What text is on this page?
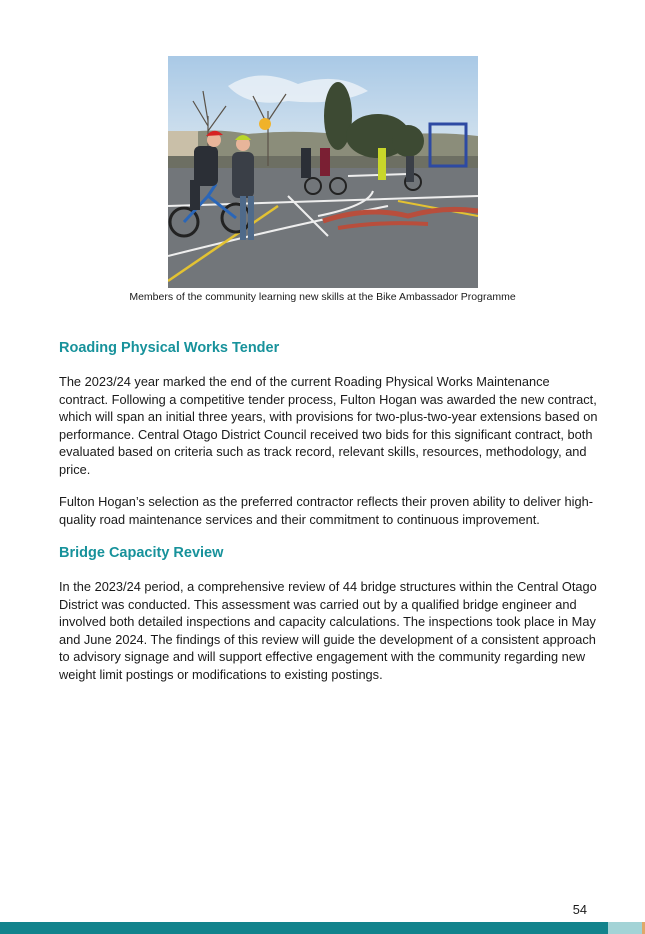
Members of the community learning new skills at the Bike Ambassador Programme
Roading Physical Works Tender

The 2023/24 year marked the end of the current Roading Physical Works Maintenance contract. Following a competitive tender process, Fulton Hogan was awarded the new contract, which will span an initial three years, with provisions for two-plus-two-year extensions based on performance. Central Otago District Council received two bids for this significant contract, both evaluated based on criteria such as track record, relevant skills, resources, methodology, and price.

Fulton Hogan’s selection as the preferred contractor reflects their proven ability to deliver high-quality road maintenance services and their commitment to continuous improvement.

Bridge Capacity Review

In the 2023/24 period, a comprehensive review of 44 bridge structures within the Central Otago District was conducted. This assessment was carried out by a qualified bridge engineer and involved both detailed inspections and capacity calculations. The inspections took place in May and June 2024. The findings of this review will guide the development of a consistent approach to advisory signage and will support effective engagement with the community regarding new weight limit postings or modifications to existing postings.

54
